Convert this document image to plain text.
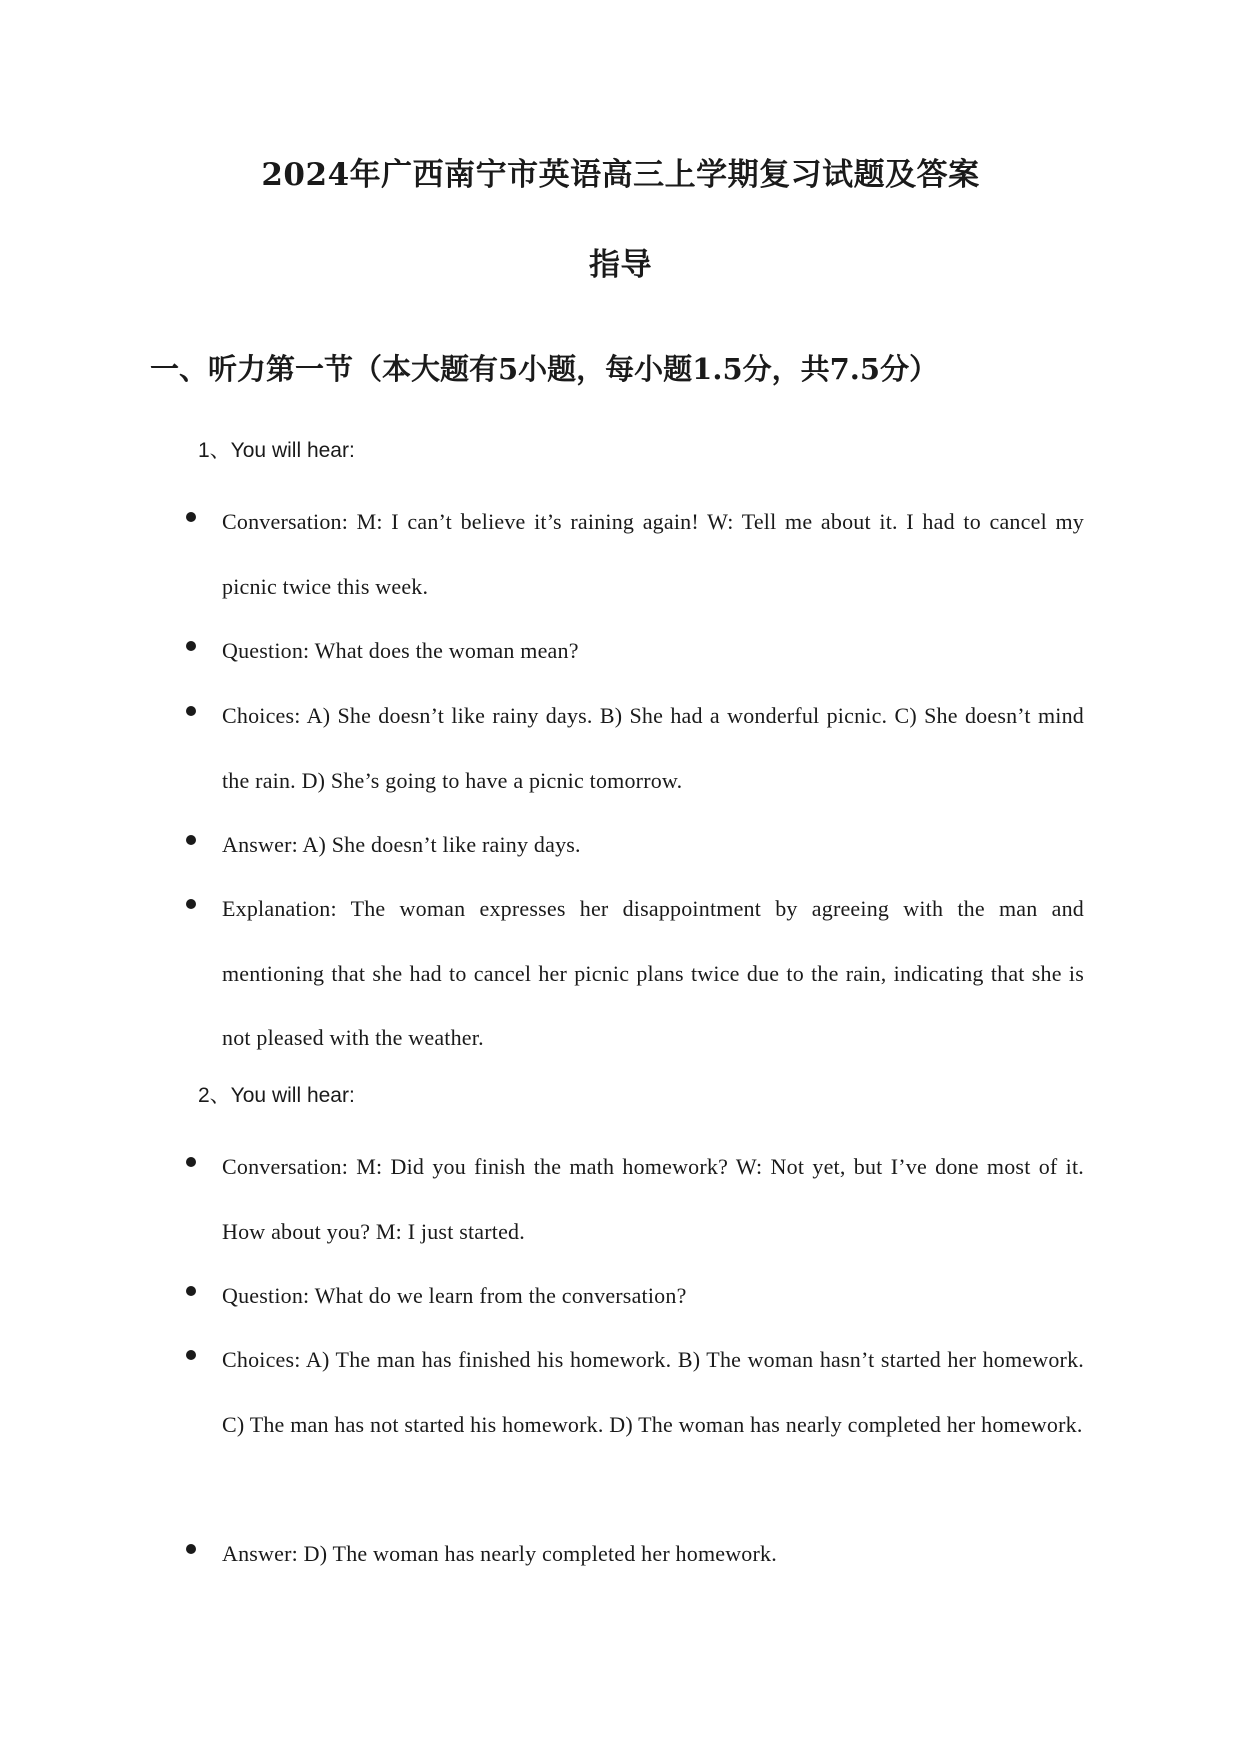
2024年广西南宁市英语高三上学期复习试题及答案
指导
一、听力第一节（本大题有5小题，每小题1.5分，共7.5分）
1、You will hear:
Conversation: M: I can’t believe it’s raining again! W: Tell me about it. I had to cancel my picnic twice this week.
Question: What does the woman mean?
Choices: A) She doesn’t like rainy days. B) She had a wonderful picnic. C) She doesn’t mind the rain. D) She’s going to have a picnic tomorrow.
Answer: A) She doesn’t like rainy days.
Explanation: The woman expresses her disappointment by agreeing with the man and mentioning that she had to cancel her picnic plans twice due to the rain, indicating that she is not pleased with the weather.
2、You will hear:
Conversation: M: Did you finish the math homework? W: Not yet, but I’ve done most of it. How about you? M: I just started.
Question: What do we learn from the conversation?
Choices: A) The man has finished his homework. B) The woman hasn’t started her homework. C) The man has not started his homework. D) The woman has nearly completed her homework.
Answer: D) The woman has nearly completed her homework.
